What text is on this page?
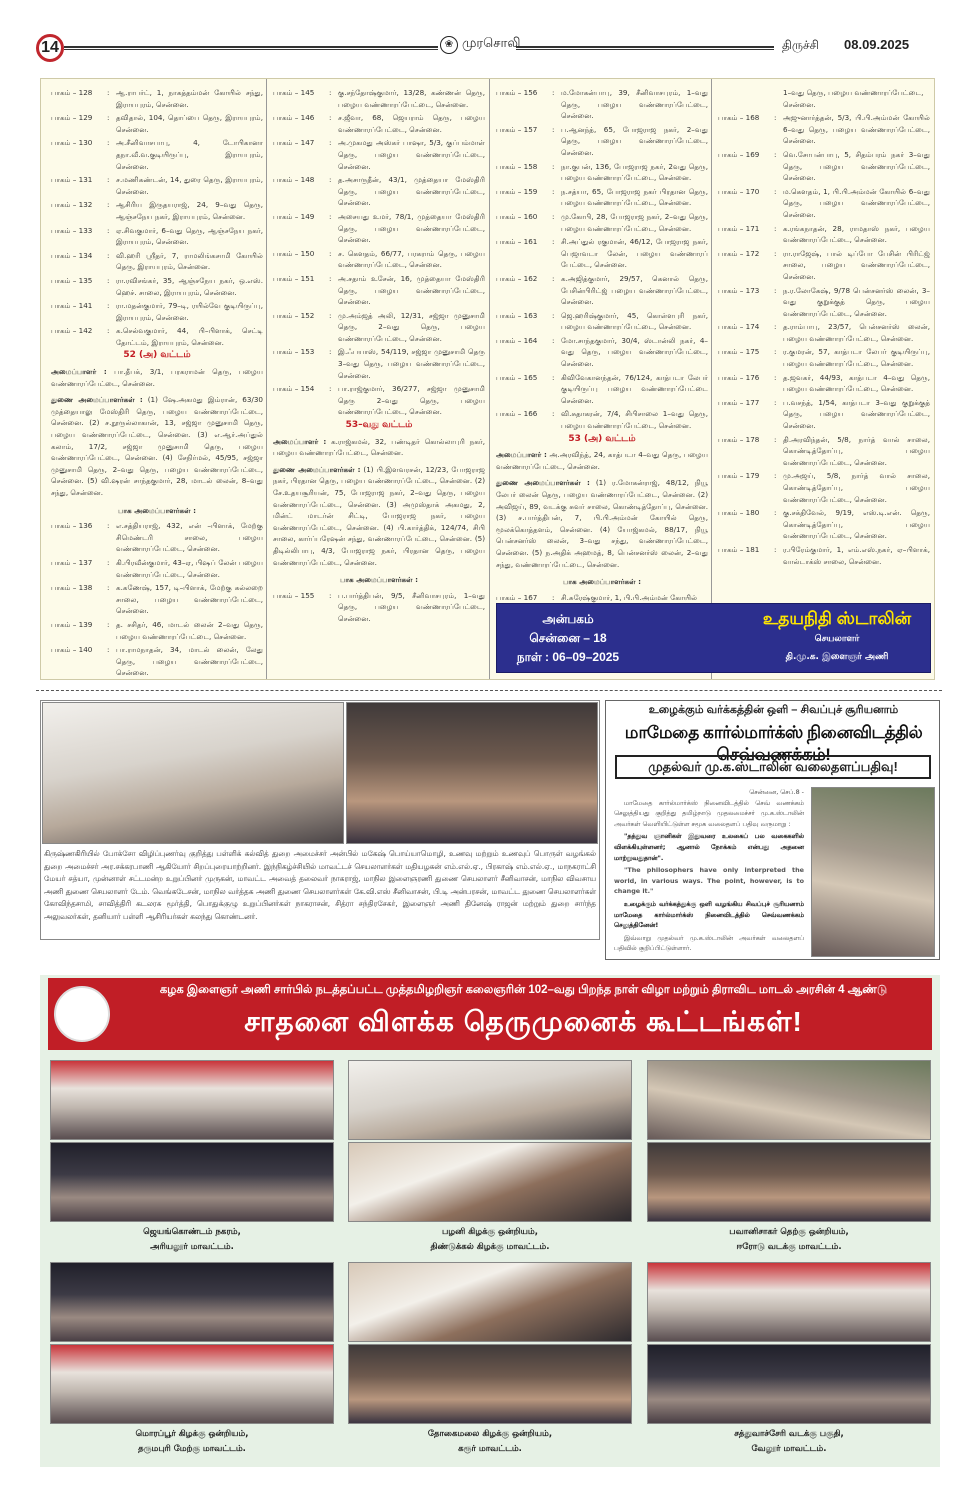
14	❀ முரசொலி	திருச்சி 08.09.2025
பாகம் – 128	: ஆ.ராபர்ட், 1, நாகத்தம்மன் கோயில் சந்து, இராயபுரம், சென்னை.
பாகம் – 129	: தவிதால், 104, தொப்பை தெரு, இராயபுரம், சென்னை.
பாகம் – 130	: அ.சீனிவாசபாபு, 4, டோபிகானா தநா.வீ.வ.குடியிருப்பு, இராயபுரம், சென்னை.
பாகம் – 131	: ச.மணிகண்டன், 14, துரை தெரு, இராயபுரம், சென்னை.
பாகம் – 132	: ஆசிரிய இருதயராஜ், 24, 9–வது தெரு, ஆஞ்சநேய நகர், இராயபுரம், சென்னை.
பாகம் – 133	: ஏ.சிவகுமார், 6–வது தெரு, ஆஞ்சநேய நகர், இராயபுரம், சென்னை.
பாகம் – 134	: வி.ஹரி ஸ்ரீதர், 7, ராமலிங்கசாமி கோயில் தெரு, இராயபுரம், சென்னை.
பாகம் – 135	: ரா.ரவிசங்கர், 35, ஆஞ்சநேய நகர், ஒ.எஸ். ஹெச். சாலை, இராயபுரம், சென்னை.
பாகம் – 141	: ரா.மதன்குமார், 79–டி, ரயில்வே குடியிருப்பு, இராயபுரம், சென்னை.
பாகம் – 142	: க.செல்வகுமார், 44, பி–பிளாக், செட்டி தோட்டம், இராயபுரம், சென்னை.
52 (அ) வட்டம்
அமைப்பாளர் : பா.தீபக், 3/1, பரகராமன் தெரு, பழைய வண்ணாரப்பேட்டை, சென்னை.
துணை அமைப்பாளர்கள் : (1) ஷே.அகமது இம்ரான், 63/30 முத்தையாலு மேஸ்திரி தெரு, பழைய வண்ணாரப்பேட்டை, சென்னை. (2) ச.நூருல்லாகான், 13, சஜ்ஜா முனுசாமி தெரு, பழைய வண்ணாரப்பேட்டை, சென்னை. (3) எ.ஆர்.அப்துல் கலாம், 17/2, சஜ்ஜா முனுசாமி தெரு, பழைய வண்ணாரப்பேட்டை, சென்னை. (4) சேநிர்மல், 45/95, சஜ்ஜா முனுசாமி தெரு, 2–வது தெரு, பழைய வண்ணாரப்பேட்டை, சென்னை. (5) வி.ஷரன் சாந்தகுமார், 28, மாடல் லைன், 8–வது சந்து, சென்னை.
பாக அமைப்பாளர்கள் :
பாகம் – 136	: எ.சத்தியராஜ், 432, என் –பிளாக், மேற்கு சிமெண்டரி சாலை, பழைய வண்ணாரப்பேட்டை, சென்னை.
பாகம் – 137	: கி.பிரவீன்குமார், 43–ஏ, பிஷப் லேன் பழைய வண்ணாரப்பேட்டை, சென்னை.
பாகம் – 138	: க.கணேஷ், 157, டி–பிளாக், மேற்கு கல்லறை சாலை, பழைய வண்ணாரப்பேட்டை, சென்னை.
பாகம் – 139	: த. சசிதர், 46, மாடல் லைன் 2–வது தெரு, பழைய வண்ணாரப்பேட்டை, சென்னை.
பாகம் – 140	: பா.ராமநாதன், 34, மாடல் லைன், லேது தெரு, பழைய வண்ணாரப்பேட்டை, சென்னை.
பாகம் – 145	: கு.சந்தோஷ்குமார், 13/28, கண்ணன் தெரு, பழைய வண்ணாரப்பேட்டை, சென்னை.
பாகம் – 146	: ச.ஜீவா, 68, ஜெயராம் தெரு, பழைய வண்ணாரப்பேட்டை, சென்னை.
பாகம் – 147	: அ.முகமது அஸ்கர் பாஷா, 5/3, குப்பம்மாள் தெரு, பழைய வண்ணாரப்பேட்டை, சென்னை.
பாகம் – 148	: த.அசாருதீன், 43/1, முத்தையா மேஸ்திரி தெரு, பழைய வண்ணாரப்பேட்டை, சென்னை.
பாகம் – 149	: அசையது உமர், 78/1, முத்தையா மேஸ்திரி தெரு, பழைய வண்ணாரப்பேட்டை, சென்னை.
பாகம் – 150	: ச. கௌதம், 66/77, பரகராம் தெரு, பழைய வண்ணாரப்பேட்டை, சென்னை.
பாகம் – 151	: அ.சதாம் உசேன், 16, முத்தையா மேஸ்திரி தெரு, பழைய வண்ணாரப்பேட்டை, சென்னை.
பாகம் – 152	: மு.அம்ஜத் அலி, 12/31, சஜ்ஜா முனுசாமி தெரு, 2–வது தெரு, பழைய வண்ணாரப்பேட்டை, சென்னை.
பாகம் – 153	: இ.ஃபயாஸ், 54/119, சஜ்ஜா முனுசாமி தெரு 3–வது தெரு, பழைய வண்ணாரப்பேட்டை, சென்னை.
பாகம் – 154	: பா.ராஜ்குமார், 36/277, சஜ்ஜா முனுசாமி தெரு 2–வது தெரு, பழைய வண்ணாரப்பேட்டை, சென்னை.
53–வது வட்டம்
அமைப்பாளர் : க.ராஜ்கமல், 32, பண்டிதர் கொல்லாபுரி நகர், பழைய வண்ணாரப்பேட்டை, சென்னை.
துணை அமைப்பாளர்கள் : (1) பி.இளவரசன், 12/23, போஜராஜ நகர், பிரதான தெரு, பழைய வண்ணாரப்பேட்டை, சென்னை. (2) சே.உதயசூரியன், 75, போஜராஜ நகர், 2–வது தெரு, பழைய வண்ணாரப்பேட்டை, சென்னை. (3) அமுஸ்தாக் அகமது, 2, மின்ட் மாடர்ன் சிட்டி, போஜராஜ நகர், பழைய வண்ணாரப்பேட்டை, சென்னை. (4) பி.கார்த்திக், 124/74, சிபி சாலை, கார்ப்பரேஷன் சந்து, வண்ணாரப்பேட்டை, சென்னை. (5) திடில்லிபாபு, 4/3, போஜராஜ நகர், பிரதான தெரு, பழைய வண்ணாரப்பேட்டை, சென்னை.
பாக அமைப்பாளர்கள் :
பாகம் – 155	: ப.பார்த்திபன், 9/5, சீனிவாசபுரம், 1–வது தெரு, பழைய வண்ணாரப்பேட்டை, சென்னை.
பாகம் – 156	: ம.மோகன்பாபு, 39, சீனிவாசபுரம், 1–வது தெரு, பழைய வண்ணாரப்பேட்டை, சென்னை.
பாகம் – 157	: ப.ஆனந்த், 65, போஜராஜ நகர், 2–வது தெரு, பழைய வண்ணாரப்பேட்டை, சென்னை.
பாகம் – 158	: நா.குபன், 136, போஜராஜ நகர், 2வது தெரு, பழைய வண்ணாரப்பேட்டை, சென்னை.
பாகம் – 159	: ந.சத்யா, 65, போஜராஜ நகர் பிரதான தெரு, பழைய வண்ணாரப்பேட்டை, சென்னை.
பாகம் – 160	: மு.கோபி, 28, போஜராஜ நகர், 2–வது தெரு, பழைய வண்ணாரப்பேட்டை, சென்னை.
பாகம் – 161	: சி.அப்துல் ரகுமான், 46/12, போஜராஜ நகர், பெஜாவடா லேன், பழைய வண்ணாரப் பேட்டை, சென்னை.
பாகம் – 162	: க.அஜித்குமார், 29/57, கெனால் தெரு, பேசின்பிரிட்ஜ் பழைய வண்ணாரப்பேட்டை, சென்னை.
பாகம் – 163	: ஜெ.ஹரிஷ்குமார், 45, கொள்ளபுரி நகர், பழைய வண்ணாரப்பேட்டை, சென்னை.
பாகம் – 164	: மோ.சாந்தகுமார், 30/4, ஸ்டான்லி நகர், 4–வது தெரு, பழைய வண்ணாரப்பேட்டை, சென்னை.
பாகம் – 165	: கிவிவேகானந்தன், 76/124, காத்படா லேபர் குடியிருப்பு பழைய வண்ணாரப்பேட்டை சென்னை.
பாகம் – 166	: வி.சுதாகரன், 7/4, சிபிசாலை 1–வது தெரு, பழைய வண்ணாரப்பேட்டை, சென்னை.
53 (அ) வட்டம்
அமைப்பாளர் : அ.அரவிந்த், 24, காத்படா 4–வது தெரு, பழைய வண்ணாரப்பேட்டை, சென்னை.
துணை அமைப்பாளர்கள் : (1) ர.மோகன்ராஜ், 48/12, நியூ லேபர் லைன் தெரு, பழைய வண்ணாரப்பேட்டை, சென்னை. (2) அவிஜய், 89, வடக்கு சுவர் சாலை, கொண்டித்தோப்பு, சென்னை. (3) ச.பார்த்திபன், 7, பி.பி.அம்மன் கோயில் தெரு, மூலக்கொத்தளம், சென்னை. (4) யோஜ்கமல், 88/17, நியூ பென்சனர்ஸ் லைன், 3–வது சந்து, வண்ணாரப்பேட்டை, சென்னை. (5) ந.அதிக் அஹமத், 8, பென்சனர்ஸ் லைன், 2–வது சந்து, வண்ணாரப்பேட்டை, சென்னை.
பாக அமைப்பாளர்கள் :
பாகம் – 167	: சி.சுரேஷ்குமார், 1, பி.பி.அம்மன் கோயில்
1–வது தெரு, பழைய வண்ணாரப்பேட்டை, சென்னை.
பாகம் – 168	: அஜுனார்த்தன், 5/3, பி.பி.அம்மன் கோயில் 6–வது தெரு, பழைய வண்ணாரப்பேட்டை, சென்னை.
பாகம் – 169	: வெ.சோபன்பாபு, 5, சிதம்பரம் நகர் 3–வது தெரு, பழைய வண்ணாரப்பேட்டை, சென்னை.
பாகம் – 170	: ம.கௌதம், 1, பி.பி.அம்மன் கோயில் 6–வது தெரு, பழைய வண்ணாரப்பேட்டை, சென்னை.
பாகம் – 171	: க.ரங்கநாதன், 28, ராமதாஸ் நகர், பழைய வண்ணாரப்பேட்டை, சென்னை.
பாகம் – 172	: ரா.ராஜேஷ், பால் டிப்போ பேசின் பிரிட்ஜ் சாலை, பழைய வண்ணாரப்பேட்டை, சென்னை.
பாகம் – 173	: ந.ர.லோகேஷ், 9/78 பென்சனர்ஸ் லைன், 3–வது குறுக்குத் தெரு, பழைய வண்ணாரப்பேட்டை, சென்னை.
பாகம் – 174	: த.ராம்பாபு, 23/57, பென்சனர்ஸ் லைன், பழைய வண்ணாரப்பேட்டை, சென்னை.
பாகம் – 175	: ர.குமரன், 57, காத்படா லேபர் குடியிருப்பு, பழைய வண்ணாரப்பேட்டை, சென்னை.
பாகம் – 176	: த.ஜவகர், 44/93, காத்படா 4–வது தெரு, பழைய வண்ணாரப்பேட்டை, சென்னை.
பாகம் – 177	: ப.வசந்த், 1/54, காத்படா 3–வது குறுக்குத் தெரு, பழைய வண்ணாரப்பேட்டை, சென்னை.
பாகம் – 178	: தி.அரவிந்தன், 5/8, நார்த் வால் சாலை, கொண்டித்தோப்பு, பழைய வண்ணாரப்பேட்டை, சென்னை.
பாகம் – 179	: மு.அஜய், 5/8, நார்த் வால் சாலை, கொண்டித்தோப்பு, பழைய வண்ணாரப்பேட்டை, சென்னை.
பாகம் – 180	: கு.சக்திவேல், 9/19, எஸ்.டி.என். தெரு, கொண்டித்தோப்பு, பழைய வண்ணாரப்பேட்டை, சென்னை.
பாகம் – 181	: ர.பிரேம்குமார், 1, எம்.எஸ்.நகர், ஏ–பிளாக், வால்டாக்ஸ் சாலை, சென்னை.
அன்பகம்
சென்னை – 18
நாள் : 06–09–2025
உதயநிதி ஸ்டாலின்
செயலாளர்
தி.மு.க. இளைஞர் அணி
கிருஷ்ணகிரியில் போக்சோ விழிப்புணர்வு குறித்து பள்ளிக் கல்வித் துறை அமைச்சர் அன்பில் மகேஷ் பொய்யாமொழி, உணவு மற்றும் உணவுப் பொருள் வழங்கல் துறை அமைச்சர் அர.சக்கரபாணி ஆகியோர் சிறப்புரையாற்றினர். இந்நிகழ்ச்சியில் மாவட்டச் செயலாளர்கள் மதியழகன் எம்.எல்.ஏ., பிரகாஷ் எம்.எல்.ஏ., மாநகராட்சி மேயர் சத்யா, முன்னாள் சட்டமன்ற உறுப்பினர் முருகன், மாவட்ட அவைத் தலைவர் நாகராஜ், மாநில இளைஞரணி துணை செயலாளர் சீனிவாசன், மாநில விவசாய அணி துணை செயலாளர் டேம். வெங்கடேசன், மாநில வர்த்தக அணி துணை செயலாளர்கள் கே.வி.எஸ் சீனிவாசன், பி.டி அன்பரசன், மாவட்ட துணை செயலாளர்கள் கோவிந்தசாமி, சாவித்திரி கடலரசு மூர்த்தி, பொதுக்குழு உறுப்பினர்கள் நாகராசன், சித்ரா சந்திரசேகர், இளைஞர் அணி தினேஷ் ராஜன் மற்றும் துறை சார்ந்த அலுவலர்கள், தனியார் பள்ளி ஆசிரியர்கள் கலந்து கொண்டனர்.
உழைக்கும் வர்க்கத்தின் ஒளி – சிவப்புச் சூரியனாம்
மாமேதை கார்ல்மார்க்ஸ் நினைவிடத்தில் செவ்வணக்கம்!
முதல்வர் மு.க.ஸ்டாலின் வலைதளப்பதிவு!
சென்னை, செப்.8 -

மாமேதை கார்ல்மார்க்ஸ் நினைவிடத்தில் செவ் வணக்கம் செலுத்தியது குறித்து தமிழ்நாடு முதலமைச்சர் மு.க.ஸ்டாலின் அவர்கள் வெளியிட்டுள்ள சமூக வலைதளப் பதிவு வருமாறு :

"தத்துவ ஞானிகள் இதுவரை உலகைப் பல வகைகளில் விளக்கியுள்ளனர்; ஆனால் நோக்கம் என்பது அதனை மாற்றுவதுதான்".

"The philosophers have only interpreted the world, in various ways. The point, however, is to change it."

உழைக்கும் வர்க்கத்துக்கு ஒளி வழங்கிய சிவப்புச் சூரியனாம் மாமேதை கார்ல்மார்க்ஸ் நினைவிடத்தில் செவ்வணக்கம் செலுத்தினேன்!

இவ்வாறு முதல்வர் மு.க.ஸ்டாலின் அவர்கள் வலைதளப் பதிவில் குறிப்பிட்டுள்ளார்.

கழக இளைஞர் அணி சார்பில் நடத்தப்பட்ட முத்தமிழறிஞர் கலைஞரின் 102–வது பிறந்த நாள் விழா மற்றும் திராவிட மாடல் அரசின் 4 ஆண்டு
சாதனை விளக்க தெருமுனைக் கூட்டங்கள்!
ஜெயங்கொண்டம் நகரம்,
அரியலூர் மாவட்டம்.
பழனி கிழக்கு ஒன்றியம்,
திண்டுக்கல் கிழக்கு மாவட்டம்.
பவானிசாகர் தெற்கு ஒன்றியம்,
ஈரோடு வடக்கு மாவட்டம்.
மொரப்பூர் கிழக்கு ஒன்றியம்,
தருமபுரி மேற்கு மாவட்டம்.
தோகைமலை கிழக்கு ஒன்றியம்,
கரூர் மாவட்டம்.
சத்துவாச்சேரி வடக்கு பகுதி,
வேலூர் மாவட்டம்.
